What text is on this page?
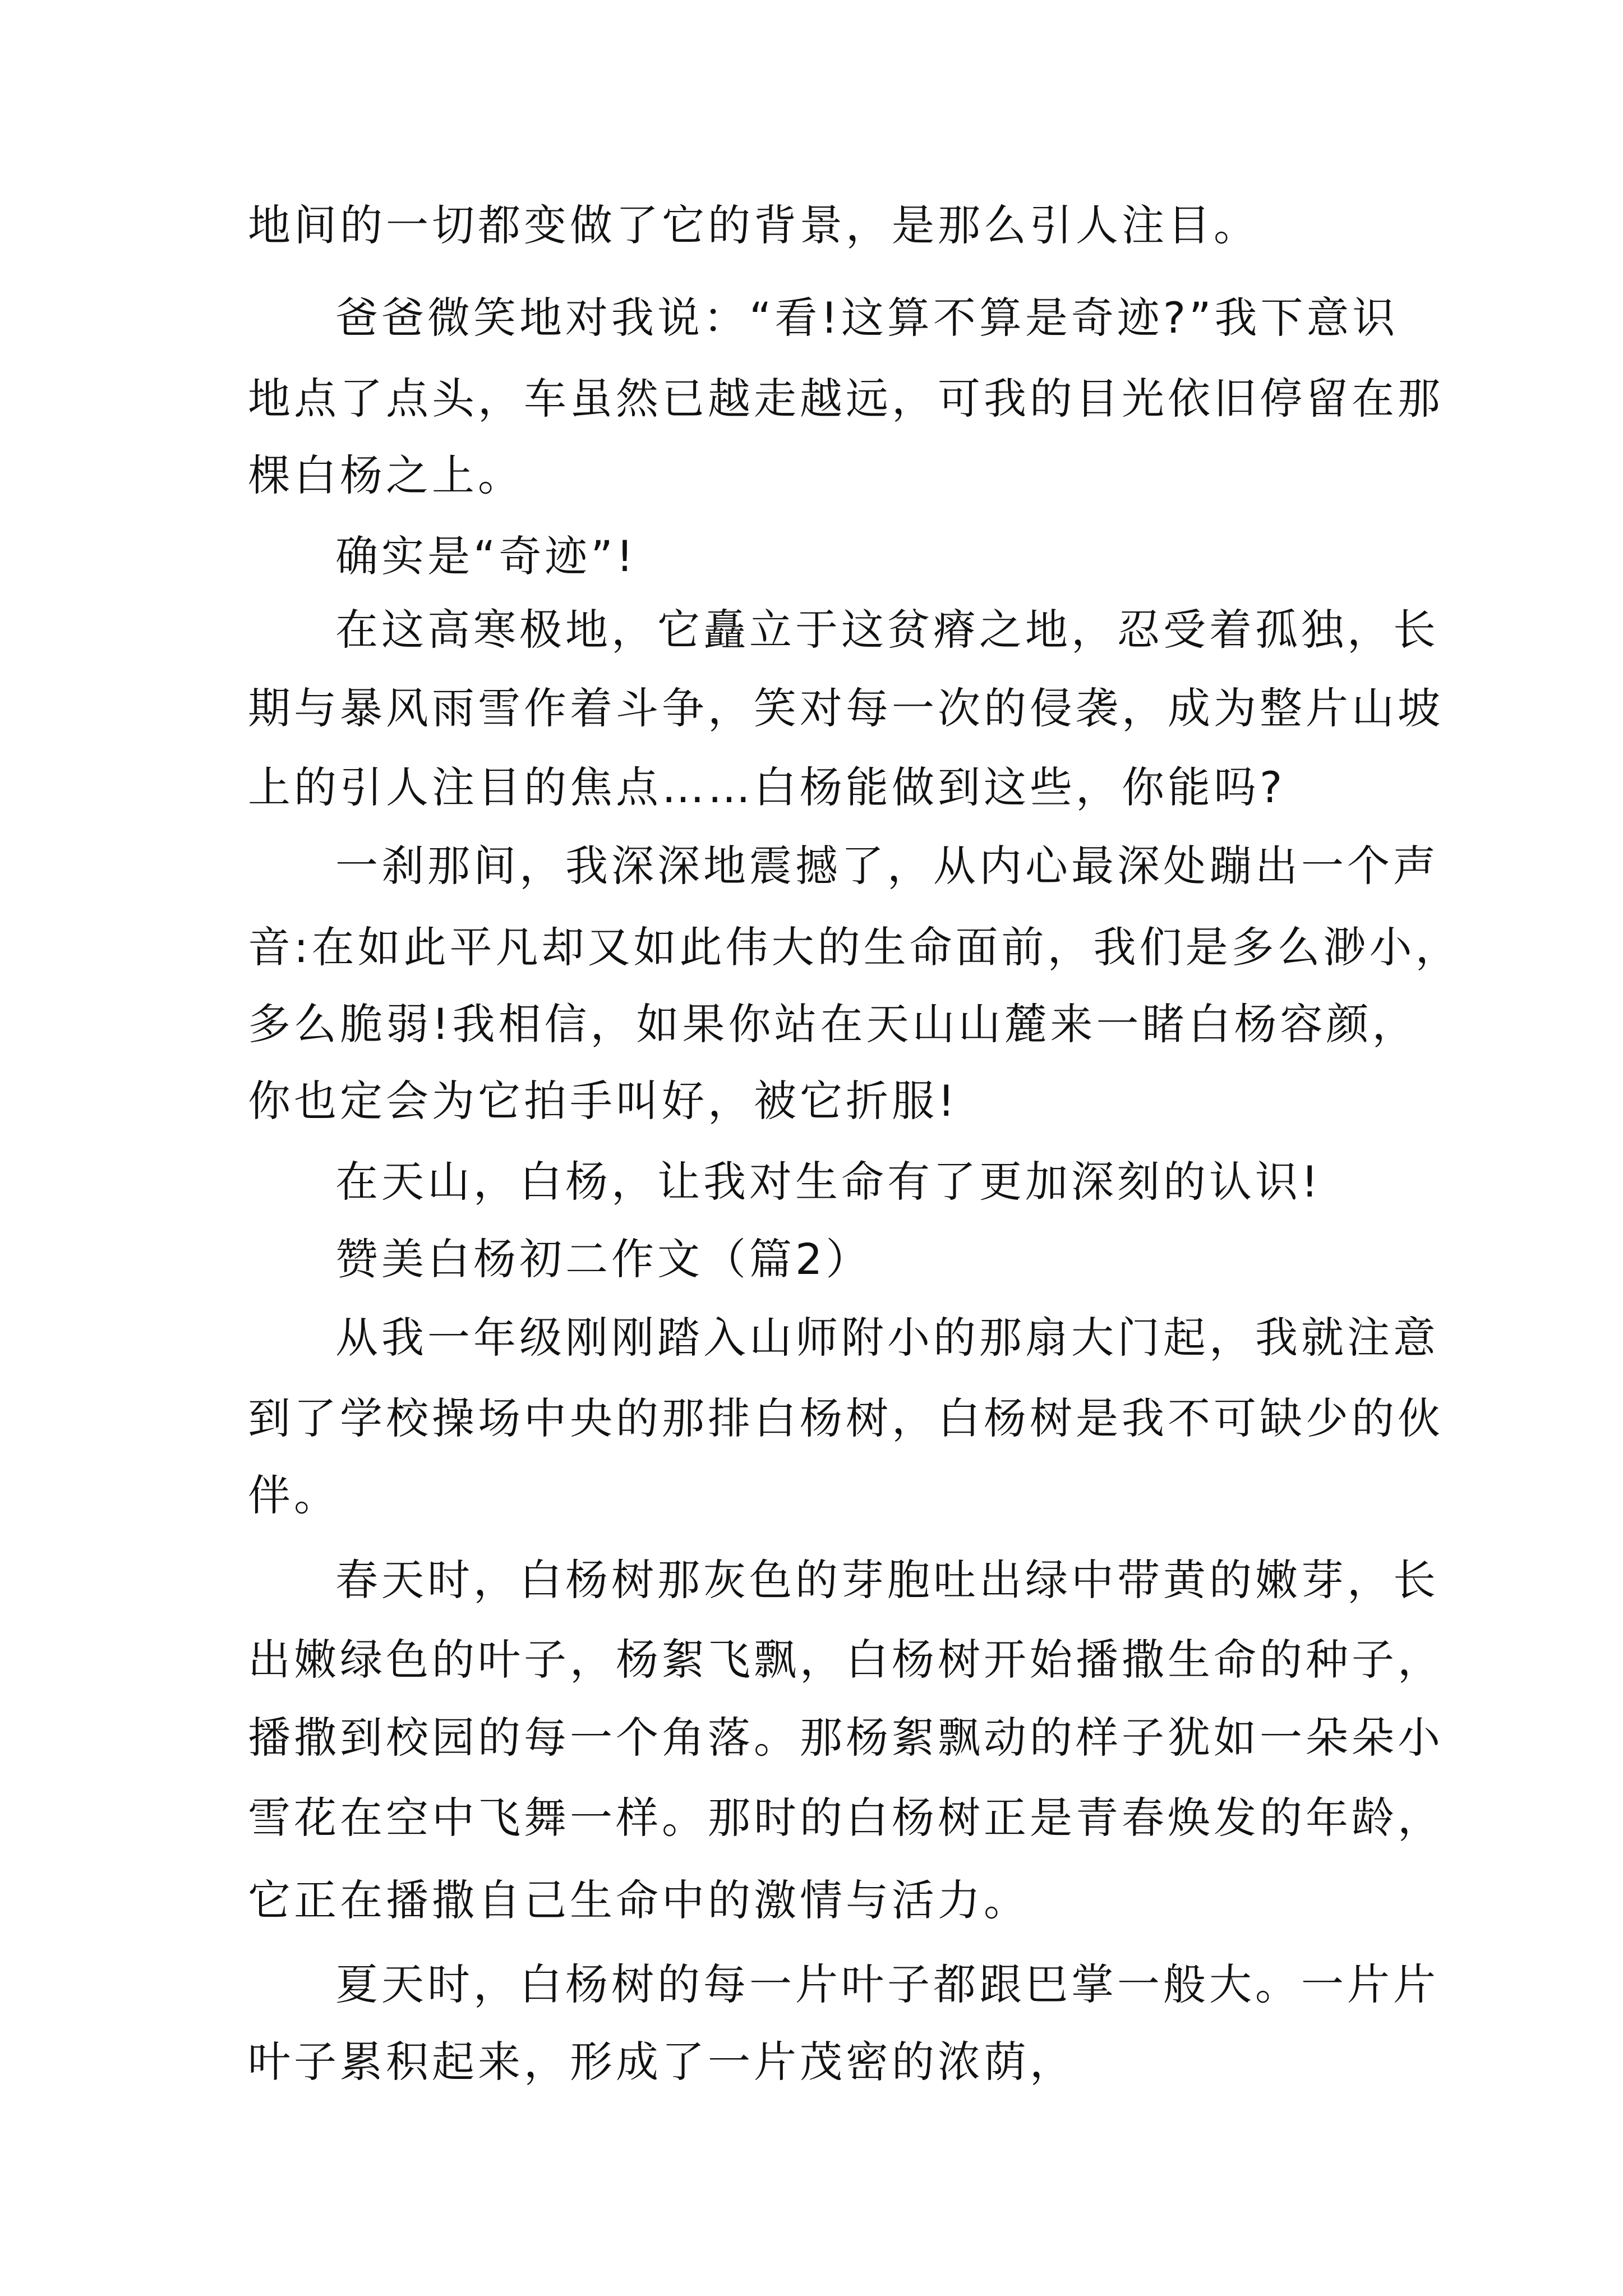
地间的一切都变做了它的背景，是那么引人注目。
爸爸微笑地对我说：“看!这算不算是奇迹?”我下意识
地点了点头，车虽然已越走越远，可我的目光依旧停留在那
棵白杨之上。
确实是“奇迹”!
在这高寒极地，它矗立于这贫瘠之地，忍受着孤独，长
期与暴风雨雪作着斗争，笑对每一次的侵袭，成为整片山坡
上的引人注目的焦点……白杨能做到这些，你能吗?
一刹那间，我深深地震撼了，从内心最深处蹦出一个声
音:在如此平凡却又如此伟大的生命面前，我们是多么渺小，
多么脆弱!我相信，如果你站在天山山麓来一睹白杨容颜，
你也定会为它拍手叫好，被它折服!
在天山，白杨，让我对生命有了更加深刻的认识!
赞美白杨初二作文（篇2）
从我一年级刚刚踏入山师附小的那扇大门起，我就注意
到了学校操场中央的那排白杨树，白杨树是我不可缺少的伙
伴。
春天时，白杨树那灰色的芽胞吐出绿中带黄的嫩芽，长
出嫩绿色的叶子，杨絮飞飘，白杨树开始播撒生命的种子，
播撒到校园的每一个角落。那杨絮飘动的样子犹如一朵朵小
雪花在空中飞舞一样。那时的白杨树正是青春焕发的年龄，
它正在播撒自己生命中的激情与活力。
夏天时，白杨树的每一片叶子都跟巴掌一般大。一片片
叶子累积起来，形成了一片茂密的浓荫，
